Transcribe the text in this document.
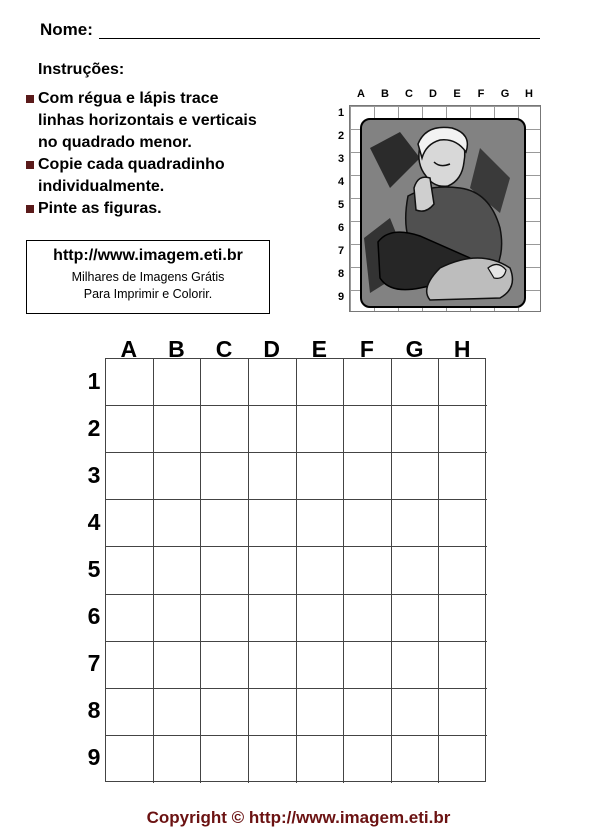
Nome:
Instruções:
Com régua e lápis trace
linhas horizontais e verticais
no quadrado menor.
Copie cada quadradinho
individualmente.
Pinte as figuras.
http://www.imagem.eti.br
Milhares de Imagens Grátis
Para Imprimir e Colorir.
A	B	C	D	E	F	G	H
1
2
3
4
5
6
7
8
9
A	B	C	D	E	F	G	H
1
2
3
4
5
6
7
8
9
Copyright © http://www.imagem.eti.br
